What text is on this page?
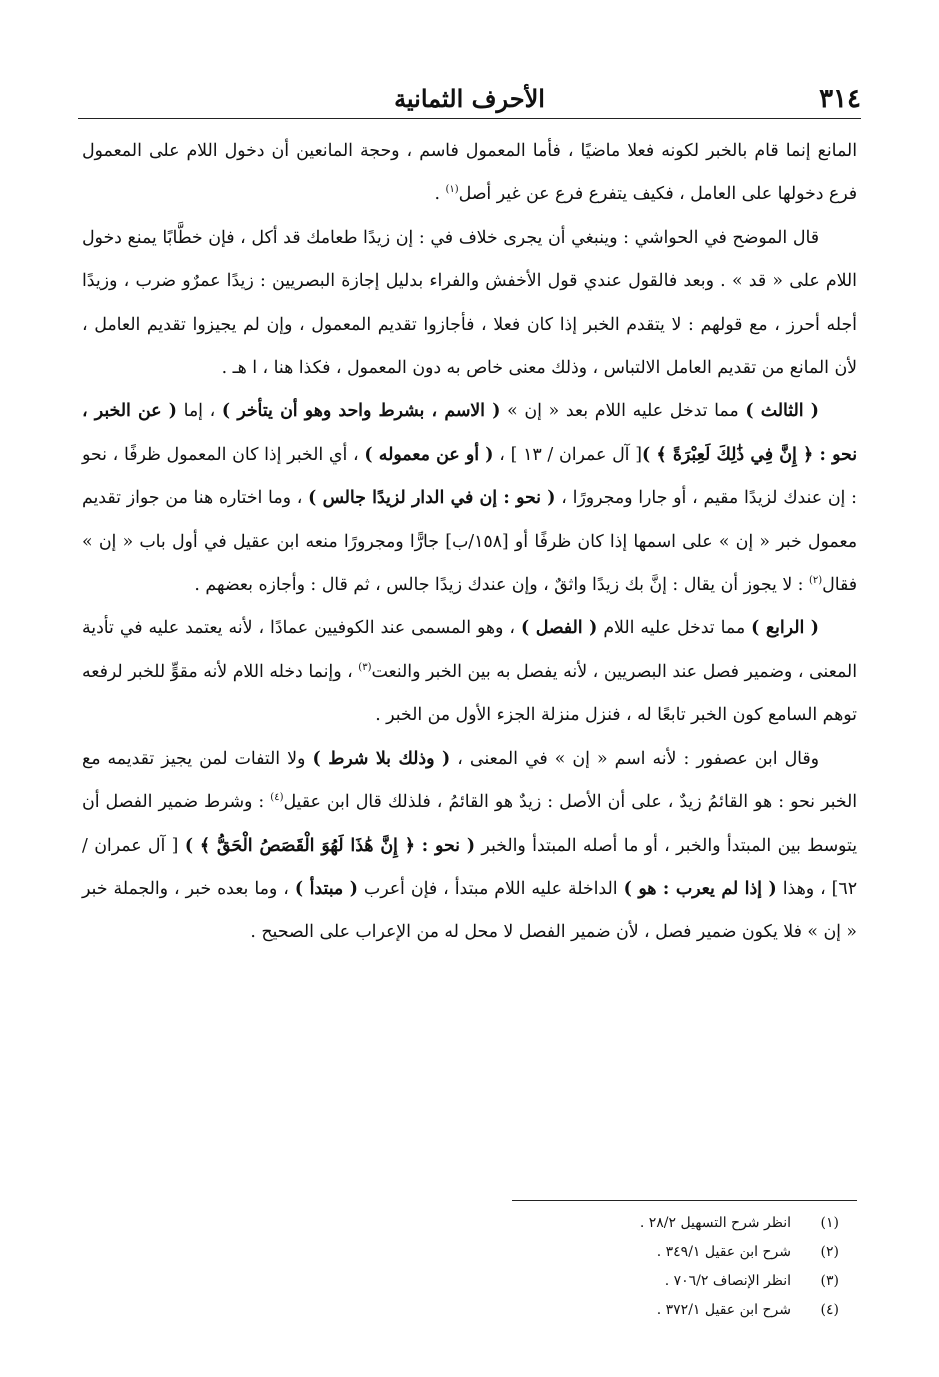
٣١٤
الأحرف الثمانية

المانع إنما قام بالخبر لكونه فعلا ماضيًا ، فأما المعمول فاسم ، وحجة المانعين أن دخول اللام على المعمول فرع دخولها على العامل ، فكيف يتفرع فرع عن غير أصل$^{(١)}$ .

قال الموضح في الحواشي : وينبغي أن يجرى خلاف في : إن زيدًا طعامك قد أكل ، فإن خطَّابًا يمنع دخول اللام على « قد » . وبعد فالقول عندي قول الأخفش والفراء بدليل إجازة البصريين : زيدًا عمرٌو ضرب ، وزيدًا أجله أحرز ، مع قولهم : لا يتقدم الخبر إذا كان فعلا ، فأجازوا تقديم المعمول ، وإن لم يجيزوا تقديم العامل ، لأن المانع من تقديم العامل الالتباس ، وذلك معنى خاص به دون المعمول ، فكذا هنا ، ا هـ .

( الثالث ) مما تدخل عليه اللام بعد « إن » ( الاسم ، بشرط واحد وهو أن يتأخر ) ، إما ( عن الخبر ، نحو : ﴿ إِنَّ فِي ذَٰلِكَ لَعِبْرَةً ﴾ )[ آل عمران / ١٣ ] ، ( أو عن معموله ) ، أي الخبر إذا كان المعمول ظرفًا ، نحو : إن عندك لزيدًا مقيم ، أو جارا ومجرورًا ، ( نحو : إن في الدار لزيدًا جالس ) ، وما اختاره هنا من جواز تقديم معمول خبر « إن » على اسمها إذا كان ظرفًا أو [١٥٨/ب] جارًّا ومجرورًا منعه ابن عقيل في أول باب « إن » فقال$^{(٢)}$ : لا يجوز أن يقال : إنَّ بك زيدًا واثقٌ ، وإن عندك زيدًا جالس ، ثم قال : وأجازه بعضهم .

( الرابع ) مما تدخل عليه اللام ( الفصل ) ، وهو المسمى عند الكوفيين عمادًا ، لأنه يعتمد عليه في تأدية المعنى ، وضمير فصل عند البصريين ، لأنه يفصل به بين الخبر والنعت$^{(٣)}$ ، وإنما دخله اللام لأنه مقوٍّ للخبر لرفعه توهم السامع كون الخبر تابعًا له ، فنزل منزلة الجزء الأول من الخبر .

وقال ابن عصفور : لأنه اسم « إن » في المعنى ، ( وذلك بلا شرط ) ولا التفات لمن يجيز تقديمه مع الخبر نحو : هو القائمُ زيدٌ ، على أن الأصل : زيدٌ هو القائمُ ، فلذلك قال ابن عقيل$^{(٤)}$ : وشرط ضمير الفصل أن يتوسط بين المبتدأ والخبر ، أو ما أصله المبتدأ والخبر ( نحو : ﴿ إِنَّ هَٰذَا لَهُوَ الْقَصَصُ الْحَقُّ ﴾ ) [ آل عمران /٦٢] ، وهذا ( إذا لم يعرب : هو ) الداخلة عليه اللام مبتدأ ، فإن أعرب ( مبتدأ ) ، وما بعده خبر ، والجملة خبر « إن » فلا يكون ضمير فصل ، لأن ضمير الفصل لا محل له من الإعراب على الصحيح .

(١)
انظر شرح التسهيل ٢٨/٢ .
(٢)
شرح ابن عقيل ٣٤٩/١ .
(٣)
انظر الإنصاف ٧٠٦/٢ .
(٤)
شرح ابن عقيل ٣٧٢/١ .
